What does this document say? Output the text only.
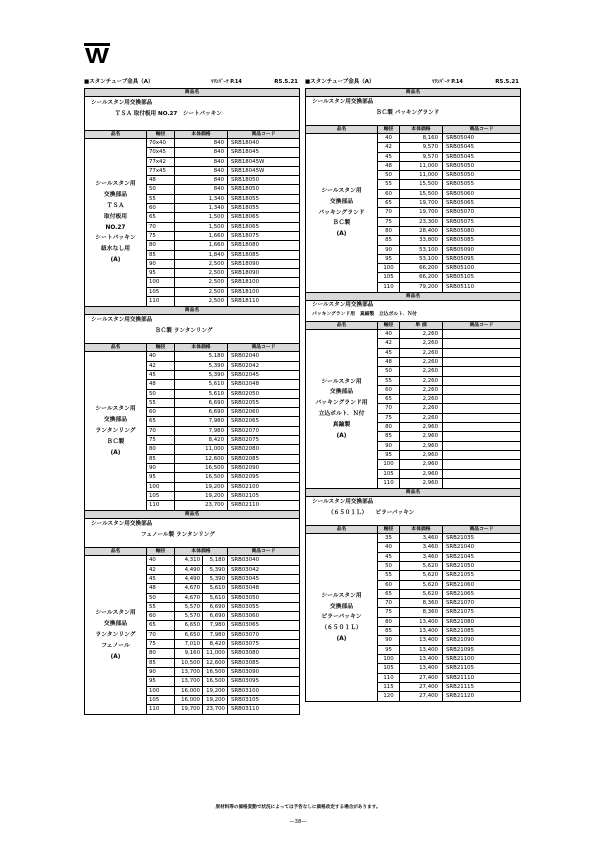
■スタンチューブ金具（A）	ﾏﾘﾝﾊﾟｰﾂ P.14	R5.5.21
商品名
シールスタン用交換部品
ＴＳＡ 取付板用 NO.27　シートパッキン
品名	軸径	本体価格	商品コード
シールスタン用
交換部品
ＴＳＡ
取付板用
NO.27
シートパッキン
紐水なし用
(A)
70x40	840	SRB18040
70x45	840	SRB18045
77x42	840	SRB18045W
77x45	840	SRB18045W
48	840	SRB18050
50	840	SRB18050
55	1,340	SRB18055
60	1,340	SRB18055
65	1,500	SRB18065
70	1,500	SRB18065
75	1,660	SRB18075
80	1,660	SRB18080
85	1,840	SRB18085
90	2,500	SRB18090
95	2,500	SRB18090
100	2,500	SRB18100
105	2,500	SRB18100
110	2,500	SRB18110
商品名
シールスタン用交換部品
ＢＣ製 ランタンリング
品名	軸径	本体価格	商品コード
シールスタン用
交換部品
ランタンリング
ＢＣ製
(A)
40	5,180	SRB02040
42	5,390	SRB02042
45	5,390	SRB02045
48	5,610	SRB02048
50	5,610	SRB02050
55	6,690	SRB02055
60	6,690	SRB02060
65	7,980	SRB02065
70	7,980	SRB02070
75	8,420	SRB02075
80	11,000	SRB02080
85	12,600	SRB02085
90	16,500	SRB02090
95	16,500	SRB02095
100	19,200	SRB02100
105	19,200	SRB02105
110	23,700	SRB02110
商品名
シールスタン用交換部品
フェノール製 ランタンリング
品名	軸径	本体価格	商品コード
シールスタン用
交換部品
ランタンリング
フェノール
(A)
40	4,310	5,180	SRB03040
42	4,490	5,390	SRB03042
45	4,490	5,390	SRB03045
48	4,670	5,610	SRB03048
50	4,670	5,610	SRB03050
55	5,570	6,690	SRB03055
60	5,570	6,690	SRB03060
65	6,650	7,980	SRB03065
70	6,650	7,980	SRB03070
75	7,010	8,420	SRB03075
80	9,160	11,000	SRB03080
85	10,500	12,600	SRB03085
90	13,700	16,500	SRB03090
95	13,700	16,500	SRB03095
100	16,000	19,200	SRB03100
105	16,000	19,200	SRB03105
110	19,700	23,700	SRB03110
■スタンチューブ金具（A）	ﾏﾘﾝﾊﾟｰﾂ P.14	R5.5.21
商品名
シールスタン用交換部品
ＢＣ製 パッキングランド
品名	軸径	本体価格	商品コード
シールスタン用
交換部品
パッキングランド
ＢＣ製
(A)
40	8,160	SRB05040
42	9,570	SRB05045
45	9,570	SRB05045
48	11,000	SRB05050
50	11,000	SRB05050
55	15,500	SRB05055
60	15,500	SRB05060
65	19,700	SRB05065
70	19,700	SRB05070
75	23,300	SRB05075
80	28,400	SRB05080
85	33,800	SRB05085
90	53,100	SRB05090
95	53,100	SRB05095
100	66,200	SRB05100
105	66,200	SRB05105
110	79,200	SRB05110
商品名
シールスタン用交換部品
パッキングランド用　真鍮製　立込ボルト．Ｎ付
品名	軸径	単 価	商品コード
シールスタン用
交換部品
パッキングランド用
立込ボルト．Ｎ付
真鍮製
(A)
40	2,260
42	2,260
45	2,260
48	2,260
50	2,260
55	2,260
60	2,260
65	2,260
70	2,260
75	2,260
80	2,960
85	2,960
90	2,960
95	2,960
100	2,960
105	2,960
110	2,960
商品名
シールスタン用交換部品
（６５０１Ｌ）　　ピラーパッキン
品名	軸径	本体価格	商品コード
シールスタン用
交換部品
ピラーパッキン
（６５０１Ｌ）
(A)
35	3,460	SRB21035
40	3,460	SRB21040
45	3,460	SRB21045
50	5,620	SRB21050
55	5,620	SRB21055
60	5,620	SRB21060
65	5,620	SRB21065
70	8,360	SRB21070
75	8,360	SRB21075
80	13,400	SRB21080
85	13,400	SRB21085
90	13,400	SRB21090
95	13,400	SRB21095
100	13,400	SRB21100
105	13,400	SRB21105
110	27,400	SRB21110
115	27,400	SRB21115
120	27,400	SRB21120
原材料等の価格変動で状況によっては予告なしに価格改定する場合があります。
—38—
